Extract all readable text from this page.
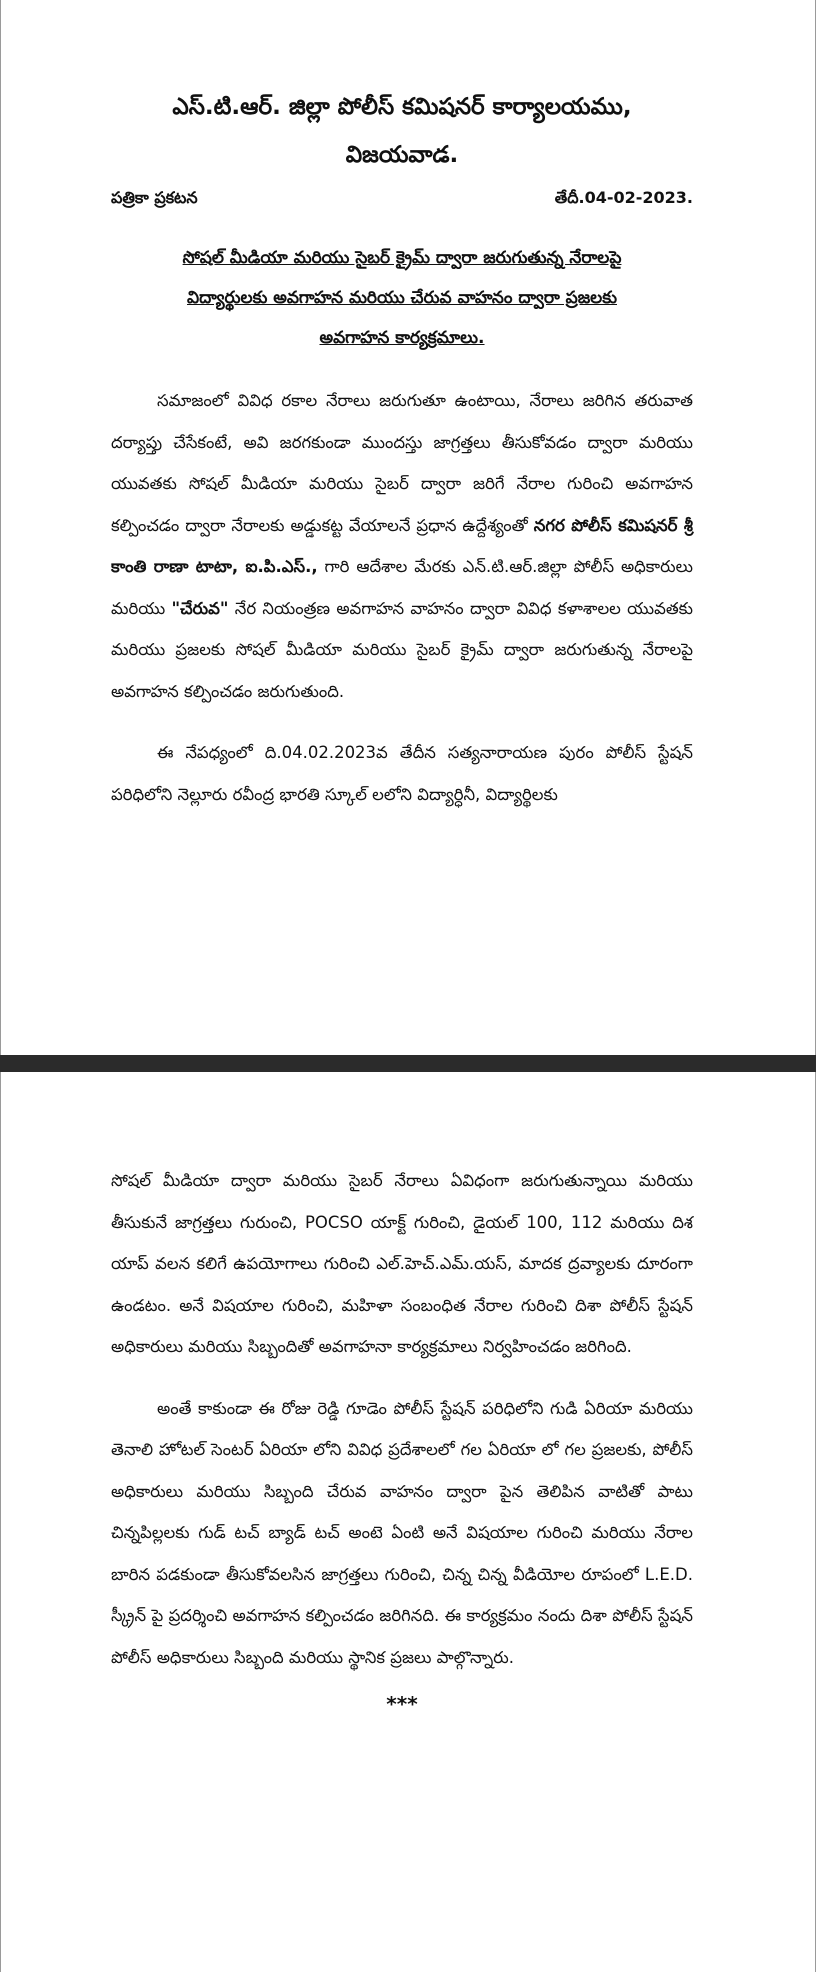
ఎస్.టి.ఆర్. జిల్లా పోలీస్ కమిషనర్ కార్యాలయము,
విజయవాడ.
పత్రికా ప్రకటన	తేదీ.04-02-2023.
సోషల్ మీడియా మరియు సైబర్ క్రైమ్ ద్వారా జరుగుతున్న నేరాలపై
విద్యార్థులకు అవగాహన మరియు చేరువ వాహనం ద్వారా ప్రజలకు
అవగాహన కార్యక్రమాలు.

సమాజంలో వివిధ రకాల నేరాలు జరుగుతూ ఉంటాయి, నేరాలు జరిగిన తరువాత దర్యాప్తు చేసేకంటే, అవి జరగకుండా ముందస్తు జాగ్రత్తలు తీసుకోవడం ద్వారా మరియు యువతకు సోషల్ మీడియా మరియు సైబర్ ద్వారా జరిగే నేరాల గురించి అవగాహన కల్పించడం ద్వారా నేరాలకు అడ్డుకట్ట వేయాలనే ప్రధాన ఉద్దేశ్యంతో నగర పోలీస్ కమిషనర్ శ్రీ కాంతి రాణా టాటా, ఐ.పి.ఎస్., గారి ఆదేశాల మేరకు ఎన్.టి.ఆర్.జిల్లా పోలీస్ అధికారులు మరియు "చేరువ" నేర నియంత్రణ అవగాహన వాహనం ద్వారా వివిధ కళాశాలల యువతకు మరియు ప్రజలకు సోషల్ మీడియా మరియు సైబర్ క్రైమ్ ద్వారా జరుగుతున్న నేరాలపై అవగాహన కల్పించడం జరుగుతుంది.

ఈ నేపధ్యంలో ది.04.02.2023వ తేదీన సత్యనారాయణ పురం పోలీస్ స్టేషన్ పరిధిలోని నెల్లూరు రవీంద్ర భారతి స్కూల్ లలోని విద్యార్ధినీ, విద్యార్థిలకు

సోషల్ మీడియా ద్వారా మరియు సైబర్ నేరాలు ఏవిధంగా జరుగుతున్నాయి మరియు తీసుకునే జాగ్రత్తలు గురుంచి, POCSO యాక్ట్ గురించి, డైయల్ 100, 112 మరియు దిశ యాప్ వలన కలిగే ఉపయోగాలు గురించి ఎల్.హెచ్.ఎమ్.యస్, మాదక ద్రవ్యాలకు దూరంగా ఉండటం. అనే విషయాల గురించి, మహిళా సంబంధిత నేరాల గురించి దిశా పోలీస్ స్టేషన్ అధికారులు మరియు సిబ్బందితో అవగాహనా కార్యక్రమాలు నిర్వహించడం జరిగింది.

అంతే కాకుండా ఈ రోజు రెడ్డి గూడెం పోలీస్ స్టేషన్ పరిధిలోని గుడి ఏరియా మరియు తెనాలి హోటల్ సెంటర్ ఏరియా లోని వివిధ ప్రదేశాలలో గల ఏరియా లో గల ప్రజలకు, పోలీస్ అధికారులు మరియు సిబ్బంది చేరువ వాహనం ద్వారా పైన తెలిపిన వాటితో పాటు చిన్నపిల్లలకు గుడ్ టచ్ బ్యాడ్ టచ్ అంటె ఏంటి అనే విషయాల గురించి మరియు నేరాల బారిన పడకుండా తీసుకోవలసిన జాగ్రత్తలు గురించి, చిన్న చిన్న వీడియోల రూపంలో L.E.D. స్క్రీన్ పై ప్రదర్శించి అవగాహన కల్పించడం జరిగినది. ఈ కార్యక్రమం నందు దిశా పోలీస్ స్టేషన్ పోలీస్ అధికారులు సిబ్బంది మరియు స్థానిక ప్రజలు పాల్గొన్నారు.

***
